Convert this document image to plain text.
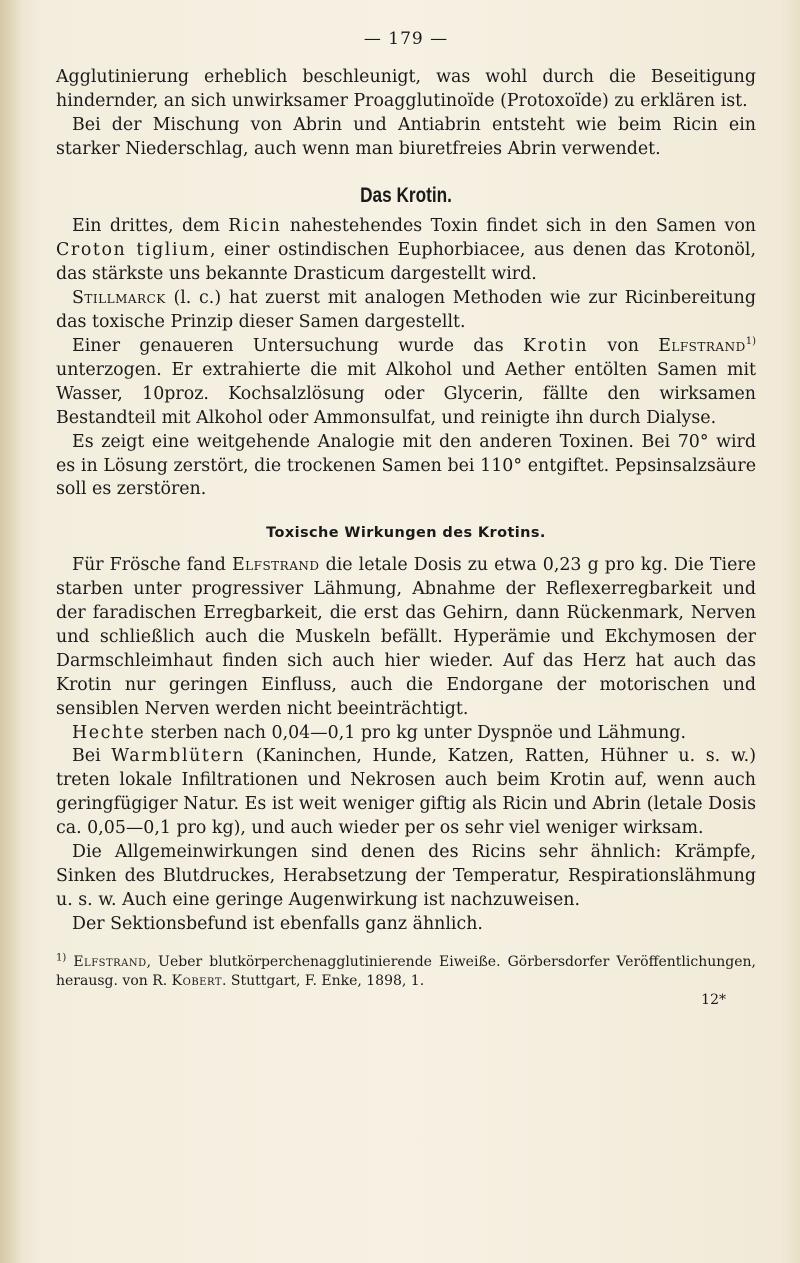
— 179 —

Agglutinierung erheblich beschleunigt, was wohl durch die Beseitigung hindernder, an sich unwirksamer Proagglutinoïde (Protoxoïde) zu erklären ist.

Bei der Mischung von Abrin und Antiabrin entsteht wie beim Ricin ein starker Niederschlag, auch wenn man biuretfreies Abrin verwendet.

Das Krotin.

Ein drittes, dem Ricin nahestehendes Toxin findet sich in den Samen von Croton tiglium, einer ostindischen Euphorbiacee, aus denen das Krotonöl, das stärkste uns bekannte Drasticum dargestellt wird.

Stillmarck (l. c.) hat zuerst mit analogen Methoden wie zur Ricinbereitung das toxische Prinzip dieser Samen dargestellt.

Einer genaueren Untersuchung wurde das Krotin von Elfstrand$^{1)}$ unterzogen. Er extrahierte die mit Alkohol und Aether entölten Samen mit Wasser, 10proz. Kochsalzlösung oder Glycerin, fällte den wirksamen Bestandteil mit Alkohol oder Ammonsulfat, und reinigte ihn durch Dialyse.

Es zeigt eine weitgehende Analogie mit den anderen Toxinen. Bei 70° wird es in Lösung zerstört, die trockenen Samen bei 110° entgiftet. Pepsinsalzsäure soll es zerstören.

Toxische Wirkungen des Krotins.

Für Frösche fand Elfstrand die letale Dosis zu etwa 0,23 g pro kg. Die Tiere starben unter progressiver Lähmung, Abnahme der Reflexerregbarkeit und der faradischen Erregbarkeit, die erst das Gehirn, dann Rückenmark, Nerven und schließlich auch die Muskeln befällt. Hyperämie und Ekchymosen der Darmschleimhaut finden sich auch hier wieder. Auf das Herz hat auch das Krotin nur geringen Einfluss, auch die Endorgane der motorischen und sensiblen Nerven werden nicht beeinträchtigt.

Hechte sterben nach 0,04—0,1 pro kg unter Dyspnöe und Lähmung.

Bei Warmblütern (Kaninchen, Hunde, Katzen, Ratten, Hühner u. s. w.) treten lokale Infiltrationen und Nekrosen auch beim Krotin auf, wenn auch geringfügiger Natur. Es ist weit weniger giftig als Ricin und Abrin (letale Dosis ca. 0,05—0,1 pro kg), und auch wieder per os sehr viel weniger wirksam.

Die Allgemeinwirkungen sind denen des Ricins sehr ähnlich: Krämpfe, Sinken des Blutdruckes, Herabsetzung der Temperatur, Respirationslähmung u. s. w. Auch eine geringe Augenwirkung ist nachzuweisen.

Der Sektionsbefund ist ebenfalls ganz ähnlich.

$^{1)}$ Elfstrand, Ueber blutkörperchenagglutinierende Eiweiße. Görbersdorfer Veröffentlichungen, herausg. von R. Kobert. Stuttgart, F. Enke, 1898, 1.
12*
